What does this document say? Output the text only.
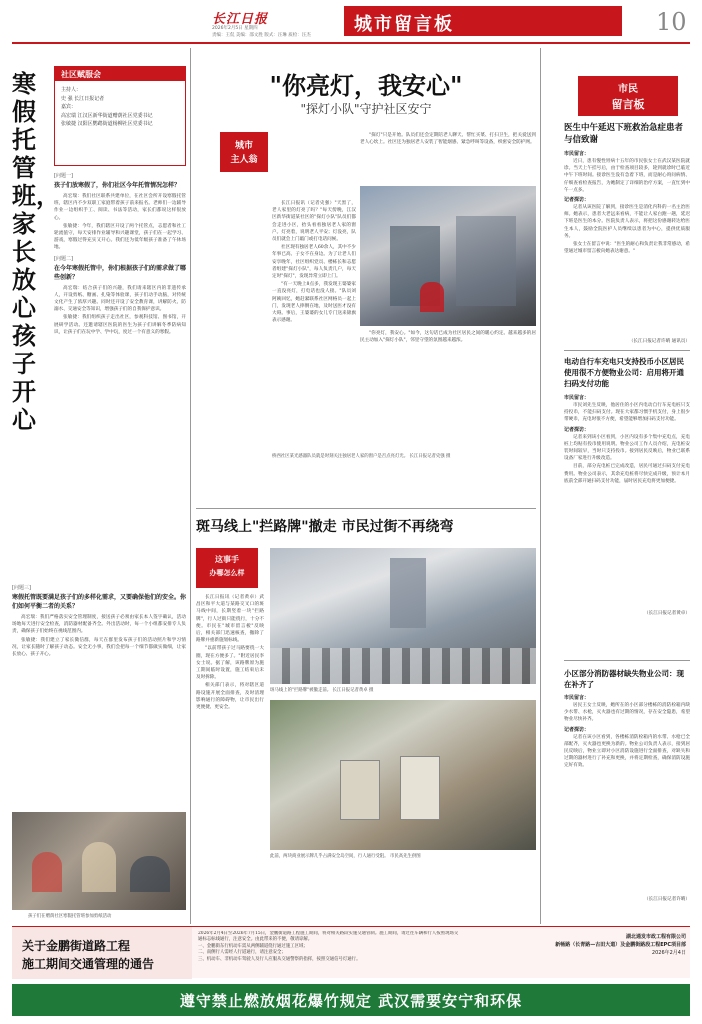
长江日报
2026年2月5日 星期四
责编：王侃 美编：邵文胜 版式：汪琳 质检：汪杰
城市留言板	10
寒假托管班，家长放心孩子开心
社区赋服会
主持人：
史 强 长江日报记者
嘉宾：
高宏瑞 江汉区新华街道赠荫社区党委书记
张敏捷 汉阳区鹦鹉街道杨柳社区党委书记
[问题一]
孩子们放寒假了，你们社区今年托管情况怎样？

高宏瑞：我们社区联系共建单位，在社区会所开设寒假托管班，辖区内不少双职工家庭带着孩子前来报名。老师们一边辅导作业一边组织手工、阅读、书法等活动，家长们都说这样很放心。

张敏捷：今年，我们辖区开设了两个托管点，志愿者和社工轮流值守，每天安排作业辅导和兴趣课堂，孩子们在一起学习、游戏，寒假过得充实又开心。我们还为低年级孩子准备了午休场地。

[问题二]
在今年寒假托管中，你们根据孩子们的需求做了哪些创新？

高宏瑞：结合孩子们的兴趣，我们请来辖区内的非遗传承人，开设剪纸、糖画、扎染等体验课，孩子们动手动脑，对传统文化产生了浓厚兴趣。同时还开设了安全教育课，讲解防火、防溺水、交通安全等知识，增强孩子们的自我保护意识。

张敏捷：我们组织孩子走出社区，参观科技馆、图书馆，开展研学活动。还邀请辖区医院的医生为孩子们讲解冬季防病知识，让孩子们在玩中学、学中玩，度过一个有意义的寒假。

[问题三]
寒假托管既要满足孩子们的多样化需求，又要确保他们的安全。你们如何平衡二者的关系？

高宏瑞：我们严格落实安全管理制度，接送孩子必须由家长本人签字确认，活动场地每天进行安全检查，消防器材配备齐全。外出活动时，每一个小组都安排专人负责，确保孩子们始终在视线范围内。

张敏捷：我们建立了家长微信群，每天在群里发布孩子们的活动照片和学习情况，让家长随时了解孩子动态。安全无小事，我们会把每一个细节都做实做细，让家长放心、孩子开心。

孩子们在赠荫社区寒假托管班参加剪纸活动
"你亮灯，我安心"
"探灯小队"守护社区安宁
城市
主人翁

长江日报讯（记者史强）"天黑了，老人家里的灯亮了吗？"每天傍晚，江汉区新华街道某社区的"探灯小队"队员们都会走进小区，抬头看看独居老人家的窗户。灯亮着，说明老人平安；灯没亮，队员们就会上门敲门或打电话问候。

社区现有独居老人60余人，其中不少年事已高、子女不在身边。为了让老人们安享晚年，社区组织党员、楼栋长和志愿者组建"探灯小队"，每人负责几户，每天定时"探灯"，发现异常立即上门。

"有一天晚上8点多，我发现王婆婆家一直没亮灯，打电话也没人接。"队员刘阿姨回忆，她赶紧联系社区网格员一起上门，发现老人摔倒在地，及时送医才没有大碍。事后，王婆婆的女儿专门送来锦旗表示感谢。

"探灯"只是开始。队员们还会定期陪老人聊天、帮忙买菜、打扫卫生，把关爱送到老人心坎上。社区还为独居老人安装了智能烟感、紧急呼叫等设备，织密安全防护网。

桥西社区某光感器队员就是时刻关注独居老人家的窗户是否点亮灯光。 长江日报记者史强 摄

"你亮灯，我安心。"如今，这句话已成为社区居民之间的暖心约定。越来越多的居民主动加入"探灯小队"，邻里守望的氛围越来越浓。

斑马线上"拦路牌"撤走 市民过街不再绕弯
这事手
办哪怎么样

长江日报讯（记者黄卓）武昌区和平大道与某路交叉口的斑马线中间，长期竖着一块"拦路牌"，行人过街只能绕行，十分不便。市民在"城市留言板"反映后，相关部门迅速核查，撤除了路牌并重新施划标线。

"以前带孩子过马路要绕一大圈，现在方便多了。"附近居民李女士说。据了解，该路牌原为施工期间临时设置，施工结束后未及时拆除。

相关部门表示，将对辖区道路设施开展全面排查，及时清理影响通行的障碍物，让市民出行更便捷、更安全。

斑马线上的"拦路牌"被撤走前。 长江日报记者黄卓 摄
此前，两块商业展示牌几乎占满安全岛空间，行人通行受阻。 市民高先生供图
市民
留言板
医生中午延迟下班救治急症患者与信致谢
市民留言：

近日，患有慢性胃病十五年的市民张女士在武汉某医院就诊。当天上午挂号后，由于检查项目较多，轮到就诊时已临近中午下班时间。接诊医生没有急着下班，而是耐心询问病情、仔细查看检查报告，为她制定了详细的治疗方案，一直忙到中午一点多。

记者探访：

记者从该医院了解到，接诊医生是消化内科的一名主治医师。她表示，患者大老远来看病，不能让人家白跑一趟，延迟下班是医生的本分。医院负责人表示，将把这份感谢转达给医生本人，鼓励全院医护人员继续以患者为中心，提供优质服务。

张女士在留言中说："医生的耐心和负责让我非常感动，希望通过城市留言板向她表达谢意。"

（长江日报记者许晴 通讯员）
电动自行车充电只支持投币小区居民使用很不方便物业公司：启用将开通扫码支付功能
市民留言：

市民刘先生反映，他居住的小区内电动自行车充电桩只支持投币，不能扫码支付。现在大家都习惯手机支付，身上很少带硬币，充电时很不方便，希望能够增加扫码支付功能。

记者探访：

记者来到该小区看到，小区内设有多个集中充电点，充电桩上均贴有投币使用说明。物业公司工作人员介绍，充电桩安装时间较早，当时只支持投币。接到居民反映后，物业已联系设备厂家进行升级改造。

目前，部分充电桩已完成改造，居民可通过扫码支付充电费用。物业公司表示，其余充电桩将尽快完成升级，预计本月底前全部开通扫码支付功能，届时居民充电将更加便捷。

（长江日报记者黄卓）
小区部分消防器材缺失物业公司：现在补齐了
市民留言：

居民王女士反映，她所在的小区部分楼栋的消防栓箱内缺少水带、水枪，灭火器也有过期的情况，存在安全隐患，希望物业尽快补齐。

记者探访：

记者在该小区看到，各楼栋消防栓箱内的水带、水枪已全部配齐，灭火器也更换为新的。物业公司负责人表示，接到居民反映后，物业立即对小区消防设施进行全面排查，对缺失和过期的器材进行了补充和更换，并将定期检查，确保消防设施完好有效。

（长江日报记者许晴）
关于金鹏街道路工程
施工期间交通管理的通告
2026年2月4日至2026年7月15日，金鹏街道路工程施工期间，将对相关路段实施交通管制。施工期间，请过往车辆和行人按照现场交通标志标线通行，注意安全。由此带来的不便，敬请谅解。
一、金鹏街东行机动车需从两侧辅道绕行通过施工区域；
二、南侧行人需经人行道通行，请注意安全；
三、机动车、非机动车驾驶人及行人应服从交通警察的指挥，按照交通信号灯通行。
湖北通发市政工程有限公司
新畅路（长青路—古田大道）及金鹏街路段工程EPC项目部
2026年2月4日
遵守禁止燃放烟花爆竹规定 武汉需要安宁和环保
